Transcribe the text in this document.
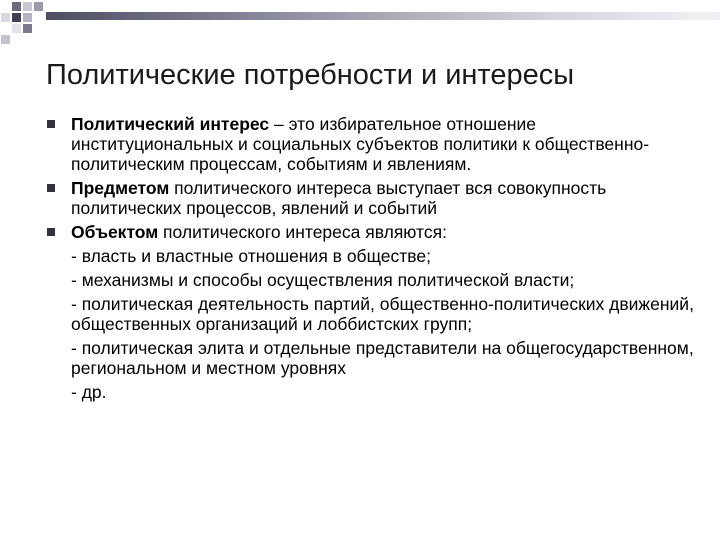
Политические потребности и интересы
Политический интерес – это избирательное отношение институциональных и социальных субъектов политики к общественно-политическим процессам, событиям и явлениям.
Предметом политического интереса выступает вся совокупность политических процессов, явлений и событий
Объектом политического интереса являются:
- власть и властные отношения в обществе;
- механизмы и способы осуществления политической власти;
- политическая деятельность партий, общественно-политических движений, общественных организаций и лоббистских групп;
- политическая элита и отдельные представители на общегосударственном, региональном и местном уровнях
- др.
